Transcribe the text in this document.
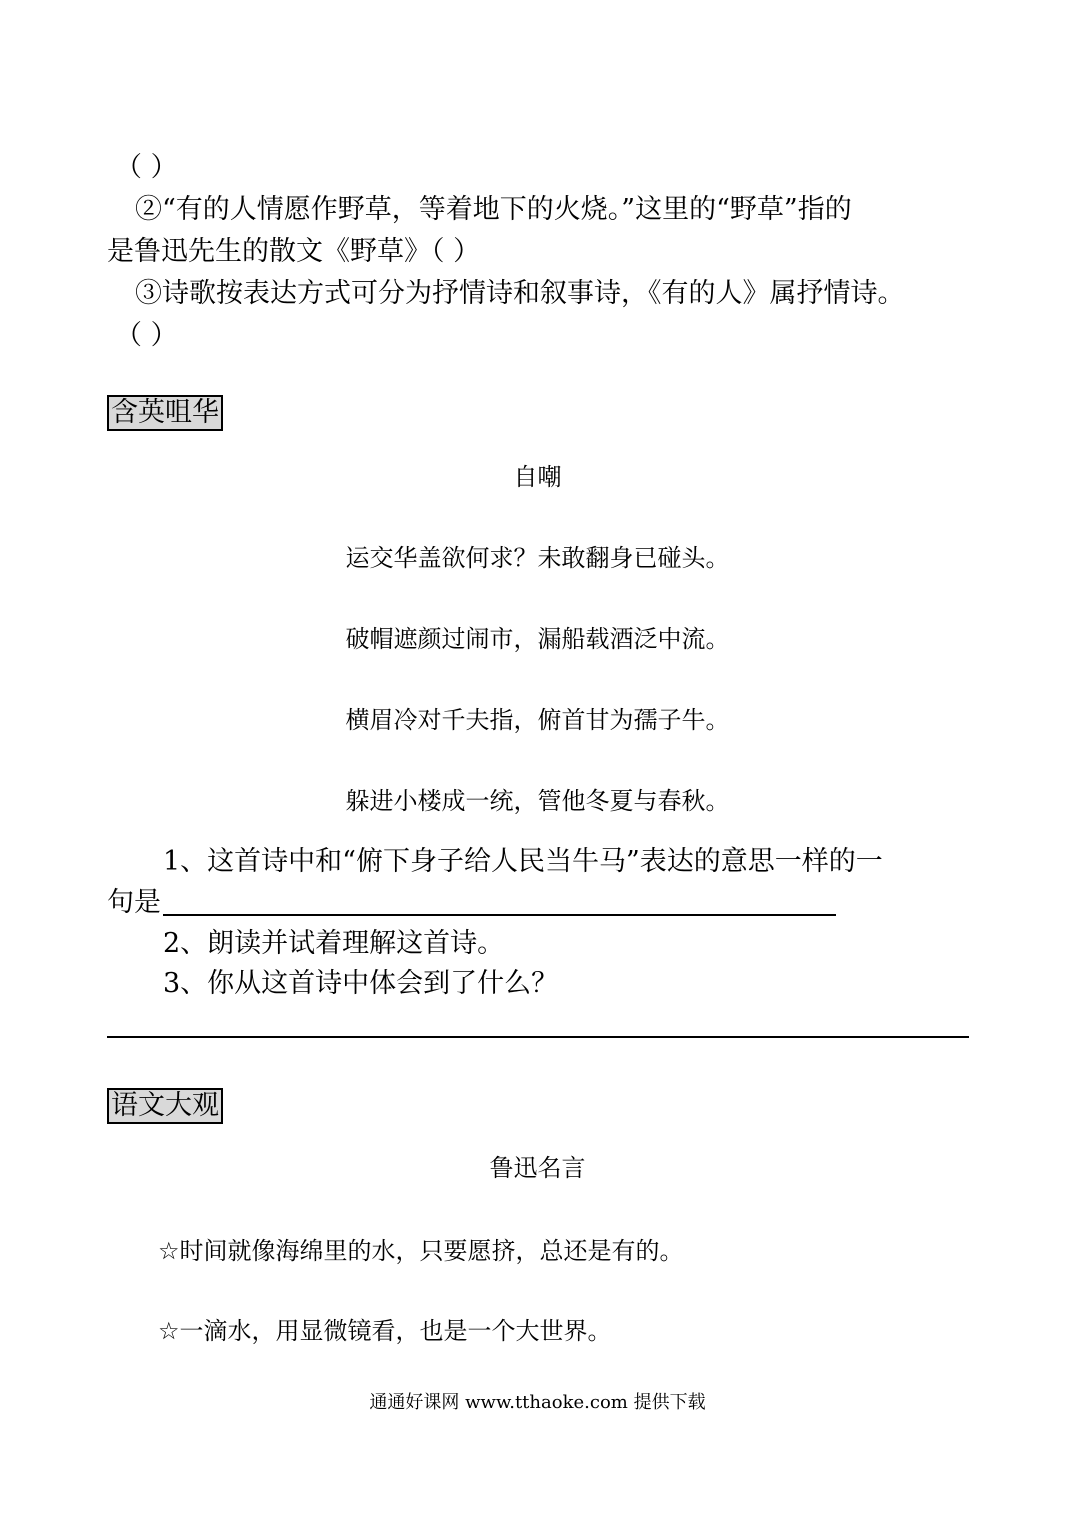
（ ）
②“有的人情愿作野草，等着地下的火烧。”这里的“野草”指的
是鲁迅先生的散文《野草》（ ）
③诗歌按表达方式可分为抒情诗和叙事诗，《有的人》属抒情诗。
（ ）
含英咀华
自嘲
运交华盖欲何求？未敢翻身已碰头。
破帽遮颜过闹市，漏船载酒泛中流。
横眉冷对千夫指，俯首甘为孺子牛。
躲进小楼成一统，管他冬夏与春秋。
1、这首诗中和“俯下身子给人民当牛马”表达的意思一样的一
句是
2、朗读并试着理解这首诗。
3、你从这首诗中体会到了什么？
语文大观
鲁迅名言
☆时间就像海绵里的水，只要愿挤，总还是有的。
☆一滴水，用显微镜看，也是一个大世界。
通通好课网 www.tthaoke.com 提供下载
